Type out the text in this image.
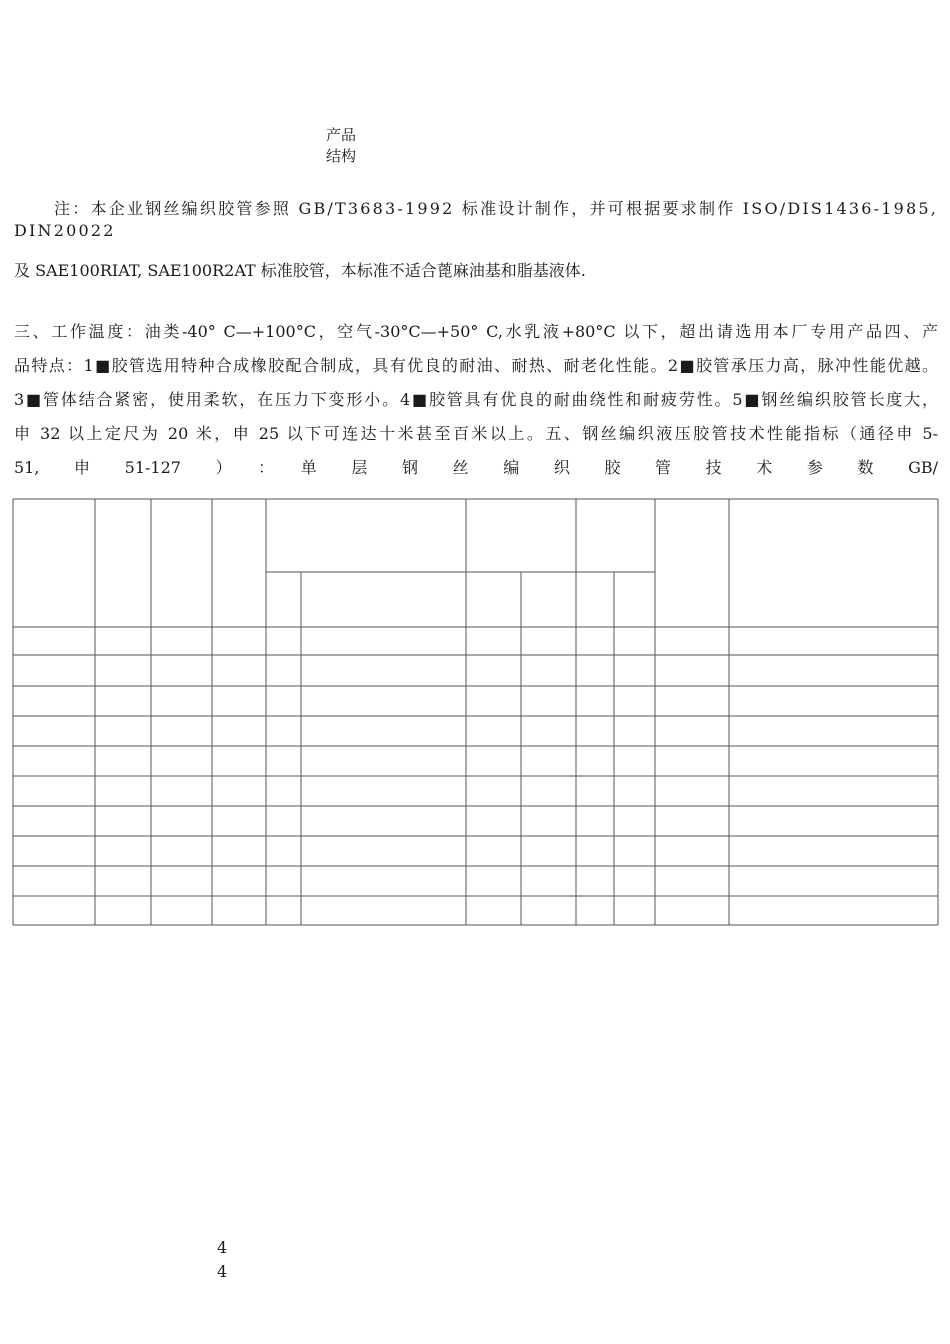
产品
结构
注：本企业钢丝编织胶管参照 GB/T3683-1992 标准设计制作，并可根据要求制作 ISO/DIS1436-1985, DIN20022
及 SAE100RIAT, SAE100R2AT 标准胶管，本标准不适合蓖麻油基和脂基液体.
三、工作温度：油类-40° C—+100°C，空气-30°C—+50° C,水乳液+80°C 以下，超出请选用本厂专用产品四、产
品特点：1■胶管选用特种合成橡胶配合制成，具有优良的耐油、耐热、耐老化性能。2■胶管承压力高，脉冲性能优越。
3■管体结合紧密，使用柔软，在压力下变形小。4■胶管具有优良的耐曲绕性和耐疲劳性。5■钢丝编织胶管长度大，
申 32 以上定尺为 20 米，申 25 以下可连达十米甚至百米以上。五、钢丝编织液压胶管技术性能指标（通径申 5-
51,　申　51-127　）　：　单　层　钢　丝　编　织　胶　管　技　术　参　数　GB/
4
4
